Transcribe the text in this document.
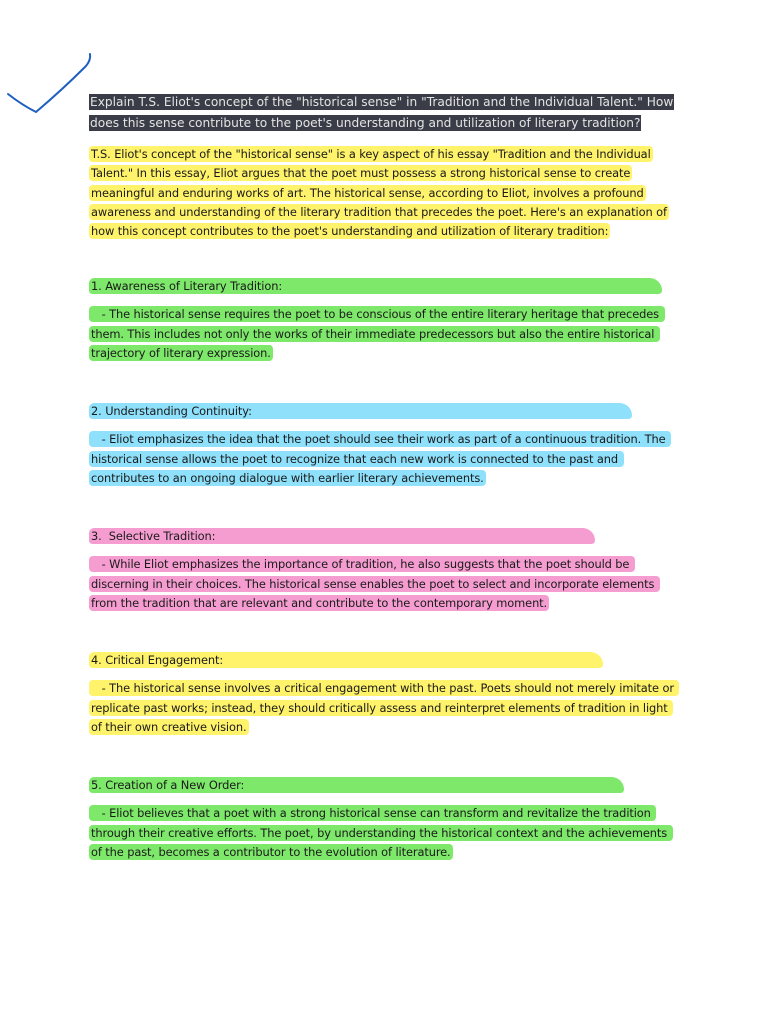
Explain T.S. Eliot's concept of the "historical sense" in "Tradition and the Individual Talent." How does this sense contribute to the poet's understanding and utilization of literary tradition?

T.S. Eliot's concept of the "historical sense" is a key aspect of his essay "Tradition and the Individual Talent." In this essay, Eliot argues that the poet must possess a strong historical sense to create meaningful and enduring works of art. The historical sense, according to Eliot, involves a profound awareness and understanding of the literary tradition that precedes the poet. Here's an explanation of how this concept contributes to the poet's understanding and utilization of literary tradition:

1. Awareness of Literary Tradition:

- The historical sense requires the poet to be conscious of the entire literary heritage that precedes them. This includes not only the works of their immediate predecessors but also the entire historical trajectory of literary expression.

2. Understanding Continuity:

- Eliot emphasizes the idea that the poet should see their work as part of a continuous tradition. The historical sense allows the poet to recognize that each new work is connected to the past and contributes to an ongoing dialogue with earlier literary achievements.

3.  Selective Tradition:

- While Eliot emphasizes the importance of tradition, he also suggests that the poet should be discerning in their choices. The historical sense enables the poet to select and incorporate elements from the tradition that are relevant and contribute to the contemporary moment.

4. Critical Engagement:

- The historical sense involves a critical engagement with the past. Poets should not merely imitate or replicate past works; instead, they should critically assess and reinterpret elements of tradition in light of their own creative vision.

5. Creation of a New Order:

- Eliot believes that a poet with a strong historical sense can transform and revitalize the tradition through their creative efforts. The poet, by understanding the historical context and the achievements of the past, becomes a contributor to the evolution of literature.
